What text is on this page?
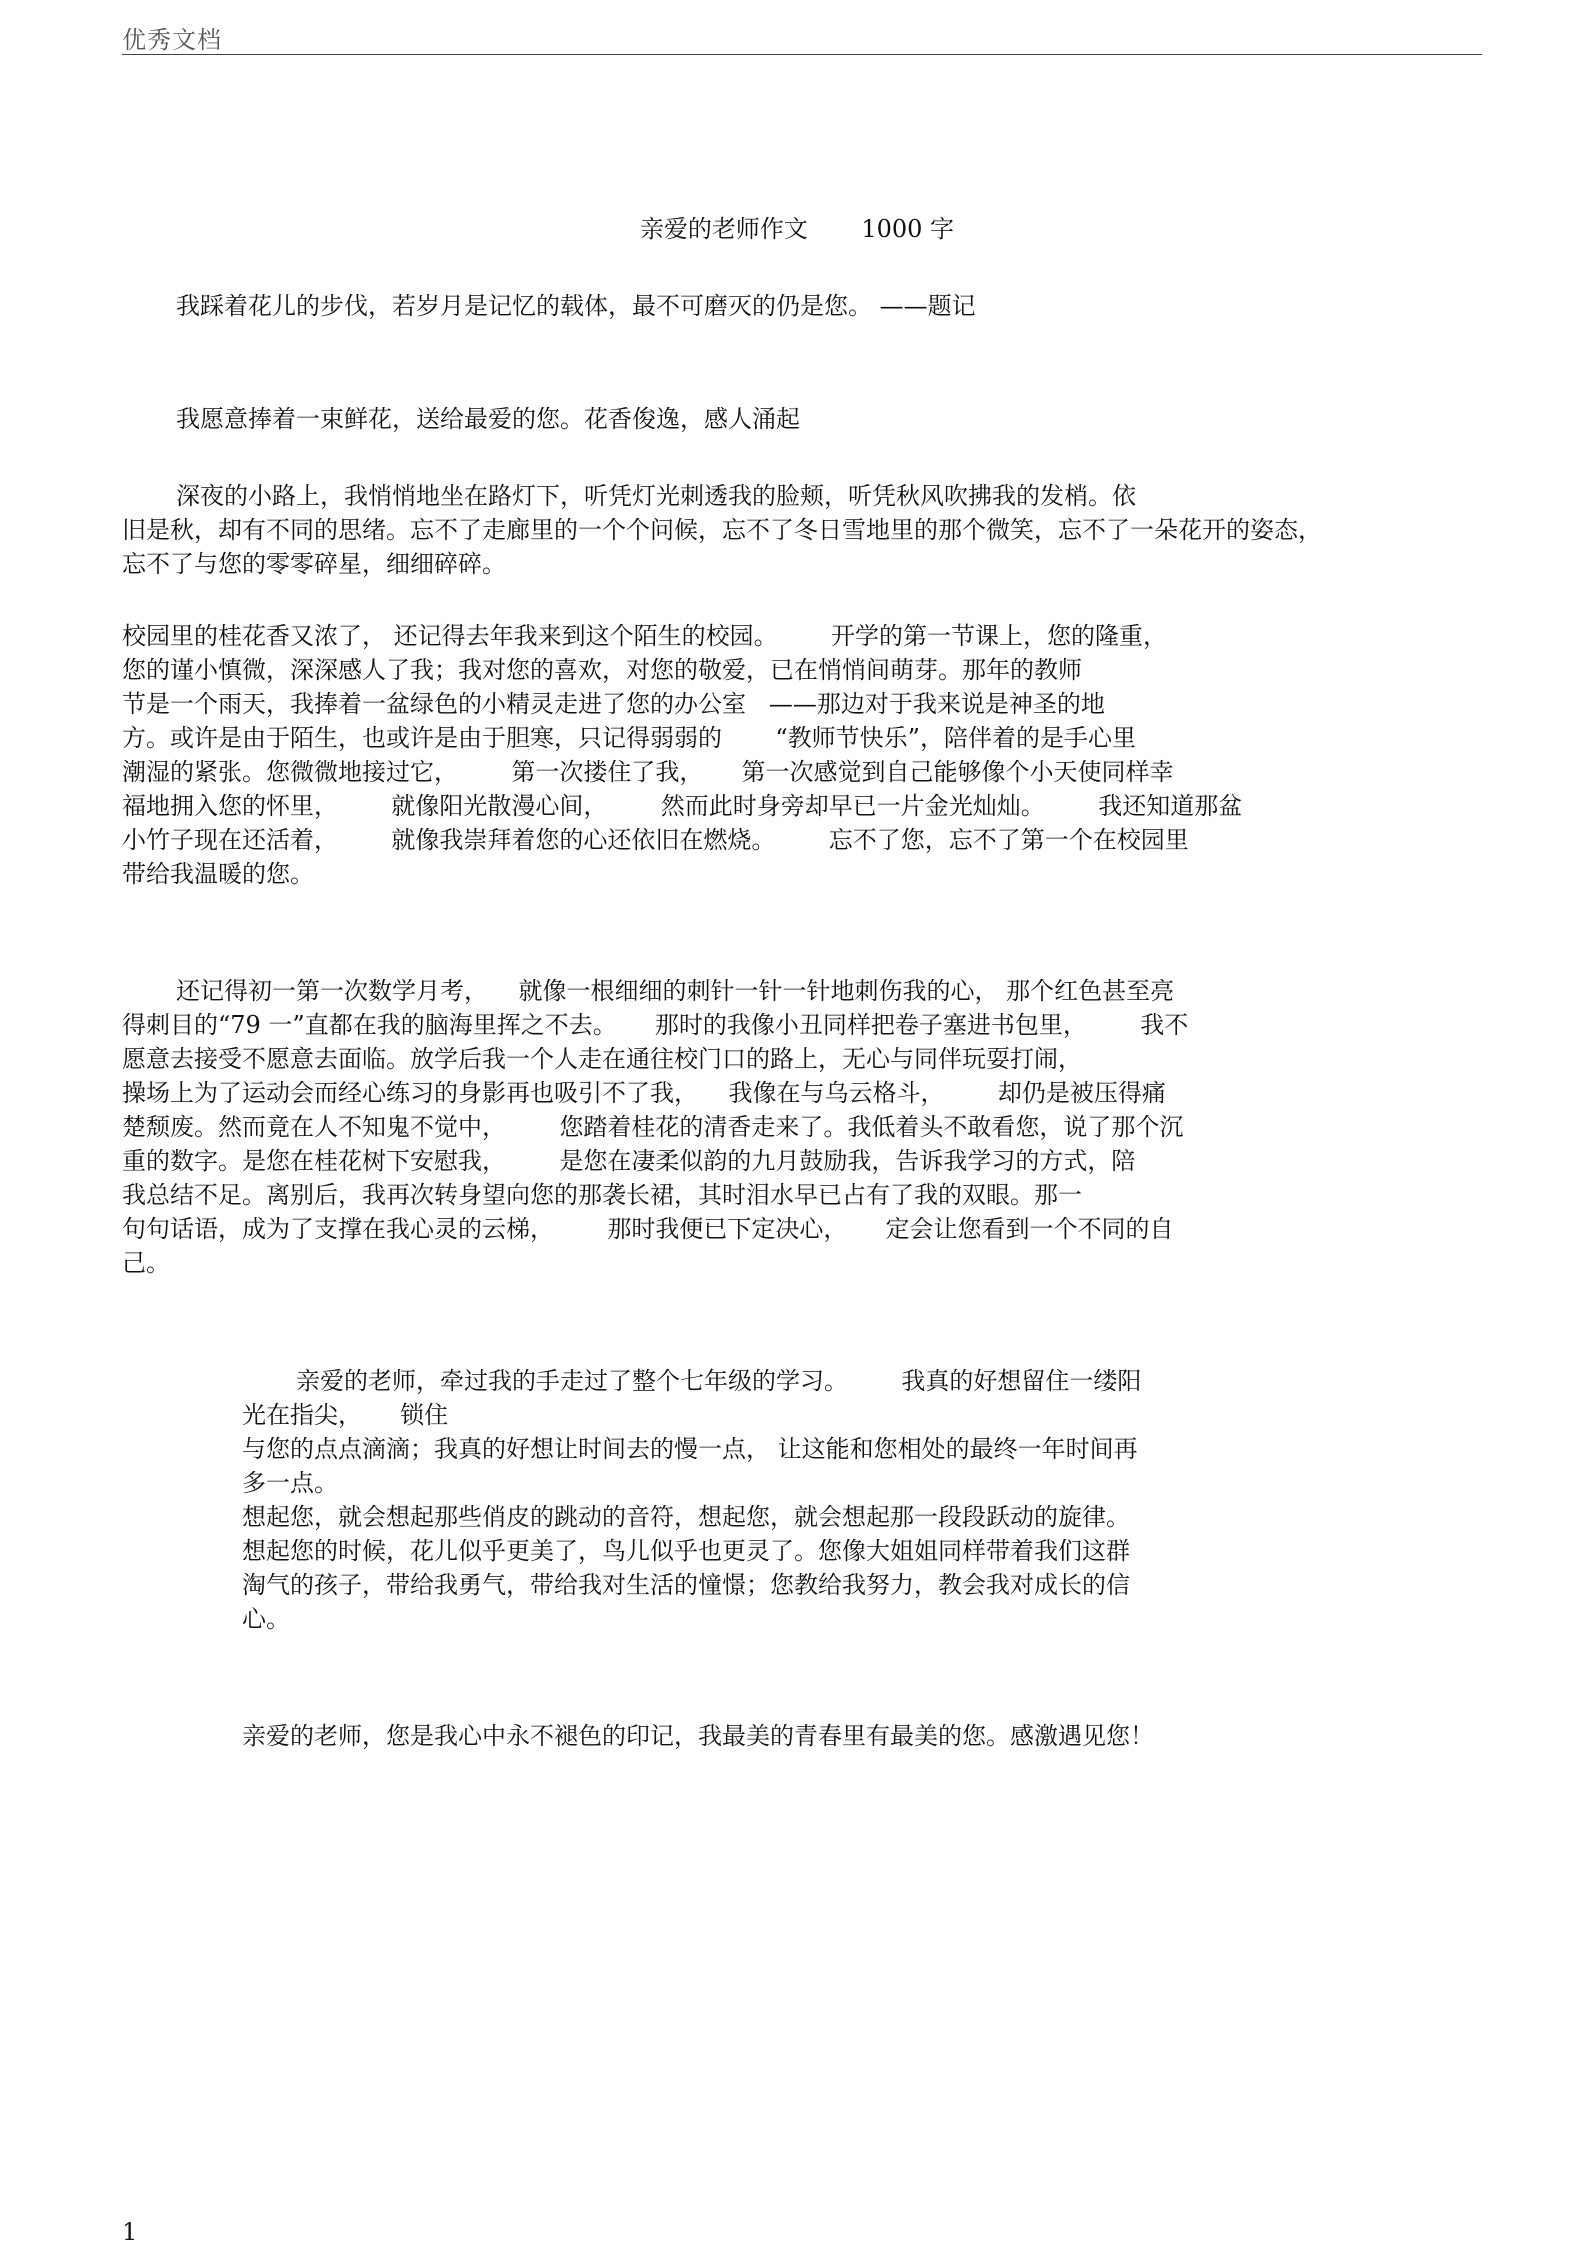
优秀文档
亲爱的老师作文       1000 字
我踩着花儿的步伐，若岁月是记忆的载体，最不可磨灭的仍是您。 ——题记
我愿意捧着一束鲜花，送给最爱的您。花香俊逸，感人涌起
深夜的小路上，我悄悄地坐在路灯下，听凭灯光刺透我的脸颊，听凭秋风吹拂我的发梢。依
旧是秋，却有不同的思绪。忘不了走廊里的一个个问候，忘不了冬日雪地里的那个微笑，忘不了一朵花开的姿态，
忘不了与您的零零碎星，细细碎碎。
校园里的桂花香又浓了， 还记得去年我来到这个陌生的校园。       开学的第一节课上，您的隆重，
您的谨小慎微，深深感人了我；我对您的喜欢，对您的敬爱，已在悄悄间萌芽。那年的教师
节是一个雨天，我捧着一盆绿色的小精灵走进了您的办公室   ——那边对于我来说是神圣的地
方。或许是由于陌生，也或许是由于胆寒，只记得弱弱的       “教师节快乐”，陪伴着的是手心里
潮湿的紧张。您微微地接过它，       第一次搂住了我，     第一次感觉到自己能够像个小天使同样幸
福地拥入您的怀里，       就像阳光散漫心间，       然而此时身旁却早已一片金光灿灿。       我还知道那盆
小竹子现在还活着，       就像我崇拜着您的心还依旧在燃烧。       忘不了您，忘不了第一个在校园里
带给我温暖的您。
还记得初一第一次数学月考，    就像一根细细的刺针一针一针地刺伤我的心， 那个红色甚至亮
得刺目的“79 一”直都在我的脑海里挥之不去。     那时的我像小丑同样把卷子塞进书包里，       我不
愿意去接受不愿意去面临。放学后我一个人走在通往校门口的路上，无心与同伴玩耍打闹，
操场上为了运动会而经心练习的身影再也吸引不了我，    我像在与乌云格斗，       却仍是被压得痛
楚颓废。然而竟在人不知鬼不觉中，       您踏着桂花的清香走来了。我低着头不敢看您，说了那个沉
重的数字。是您在桂花树下安慰我，       是您在凄柔似韵的九月鼓励我，告诉我学习的方式，陪
我总结不足。离别后，我再次转身望向您的那袭长裙，其时泪水早已占有了我的双眼。那一
句句话语，成为了支撑在我心灵的云梯，       那时我便已下定决心，     定会让您看到一个不同的自
己。
亲爱的老师，牵过我的手走过了整个七年级的学习。       我真的好想留住一缕阳
光在指尖，     锁住
与您的点点滴滴；我真的好想让时间去的慢一点， 让这能和您相处的最终一年时间再
多一点。
想起您，就会想起那些俏皮的跳动的音符，想起您，就会想起那一段段跃动的旋律。
想起您的时候，花儿似乎更美了，鸟儿似乎也更灵了。您像大姐姐同样带着我们这群
淘气的孩子，带给我勇气，带给我对生活的憧憬；您教给我努力，教会我对成长的信
心。
亲爱的老师，您是我心中永不褪色的印记，我最美的青春里有最美的您。感激遇见您！
1
